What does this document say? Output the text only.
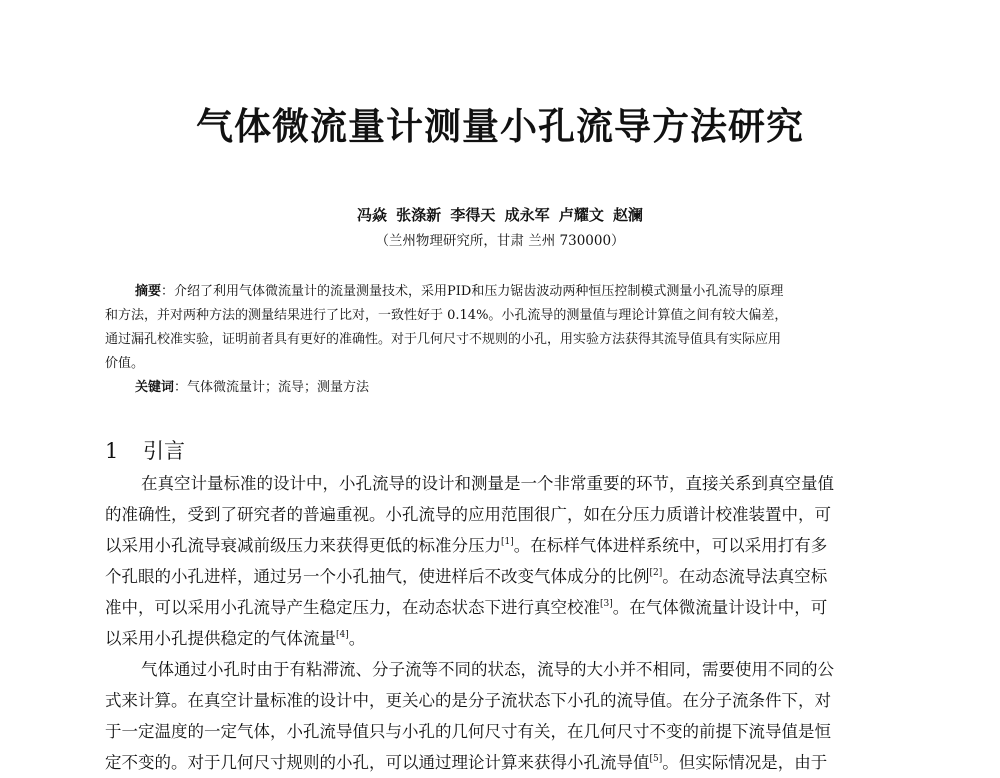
气体微流量计测量小孔流导方法研究
冯焱 张涤新 李得天 成永军 卢耀文 赵澜
（兰州物理研究所，甘肃 兰州 730000）
摘要：介绍了利用气体微流量计的流量测量技术，采用PID和压力锯齿波动两种恒压控制模式测量小孔流导的原理
和方法，并对两种方法的测量结果进行了比对，一致性好于 0.14%。小孔流导的测量值与理论计算值之间有较大偏差，
通过漏孔校准实验，证明前者具有更好的准确性。对于几何尺寸不规则的小孔，用实验方法获得其流导值具有实际应用
价值。
关键词：气体微流量计；流导；测量方法
1 引言
在真空计量标准的设计中，小孔流导的设计和测量是一个非常重要的环节，直接关系到真空量值
的准确性，受到了研究者的普遍重视。小孔流导的应用范围很广，如在分压力质谱计校准装置中，可
以采用小孔流导衰减前级压力来获得更低的标准分压力[1]。在标样气体进样系统中，可以采用打有多
个孔眼的小孔进样，通过另一个小孔抽气，使进样后不改变气体成分的比例[2]。在动态流导法真空标
准中，可以采用小孔流导产生稳定压力，在动态状态下进行真空校准[3]。在气体微流量计设计中，可
以采用小孔提供稳定的气体流量[4]。
气体通过小孔时由于有粘滞流、分子流等不同的状态，流导的大小并不相同，需要使用不同的公
式来计算。在真空计量标准的设计中，更关心的是分子流状态下小孔的流导值。在分子流条件下，对
于一定温度的一定气体，小孔流导值只与小孔的几何尺寸有关，在几何尺寸不变的前提下流导值是恒
定不变的。对于几何尺寸规则的小孔，可以通过理论计算来获得小孔流导值[5]。但实际情况是，由于
